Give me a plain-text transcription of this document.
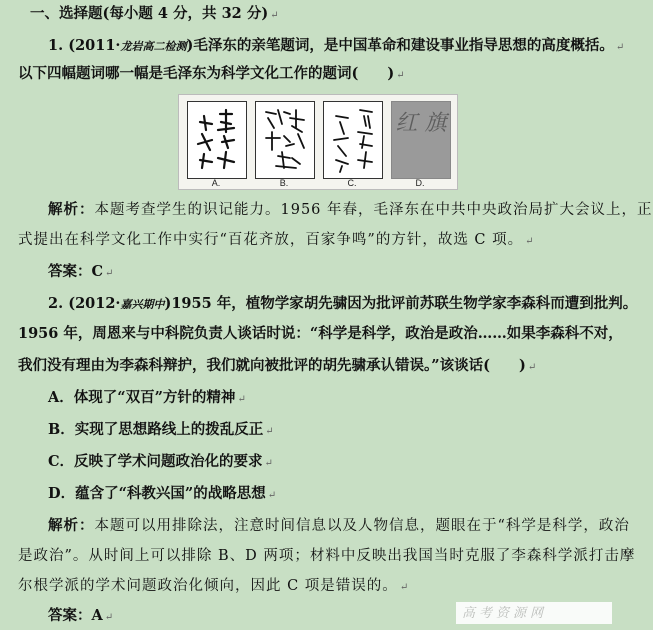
一、选择题(每小题 4 分，共 32 分) ↵
1. (2011·龙岩高二检测)毛泽东的亲笔题词，是中国革命和建设事业指导思想的高度概括。 ↵
以下四幅题词哪一幅是毛泽东为科学文化工作的题词(　　) ↵
A.	B.	C.
红 旗
D.
解析：本题考查学生的识记能力。1956 年春，毛泽东在中共中央政治局扩大会议上，正
式提出在科学文化工作中实行“百花齐放，百家争鸣”的方针，故选 C 项。 ↵
答案：C ↵
2. (2012·嘉兴期中)1955 年，植物学家胡先骕因为批评前苏联生物学家李森科而遭到批判。
1956 年，周恩来与中科院负责人谈话时说：“科学是科学，政治是政治……如果李森科不对，
我们没有理由为李森科辩护，我们就向被批评的胡先骕承认错误。”该谈话(　　) ↵
A．体现了“双百”方针的精神 ↵
B．实现了思想路线上的拨乱反正 ↵
C．反映了学术问题政治化的要求 ↵
D．蕴含了“科教兴国”的战略思想 ↵
解析：本题可以用排除法，注意时间信息以及人物信息，题眼在于“科学是科学，政治
是政治”。从时间上可以排除 B、D 两项；材料中反映出我国当时克服了李森科学派打击摩
尔根学派的学术问题政治化倾向，因此 C 项是错误的。 ↵
答案：A ↵	高考资源网
